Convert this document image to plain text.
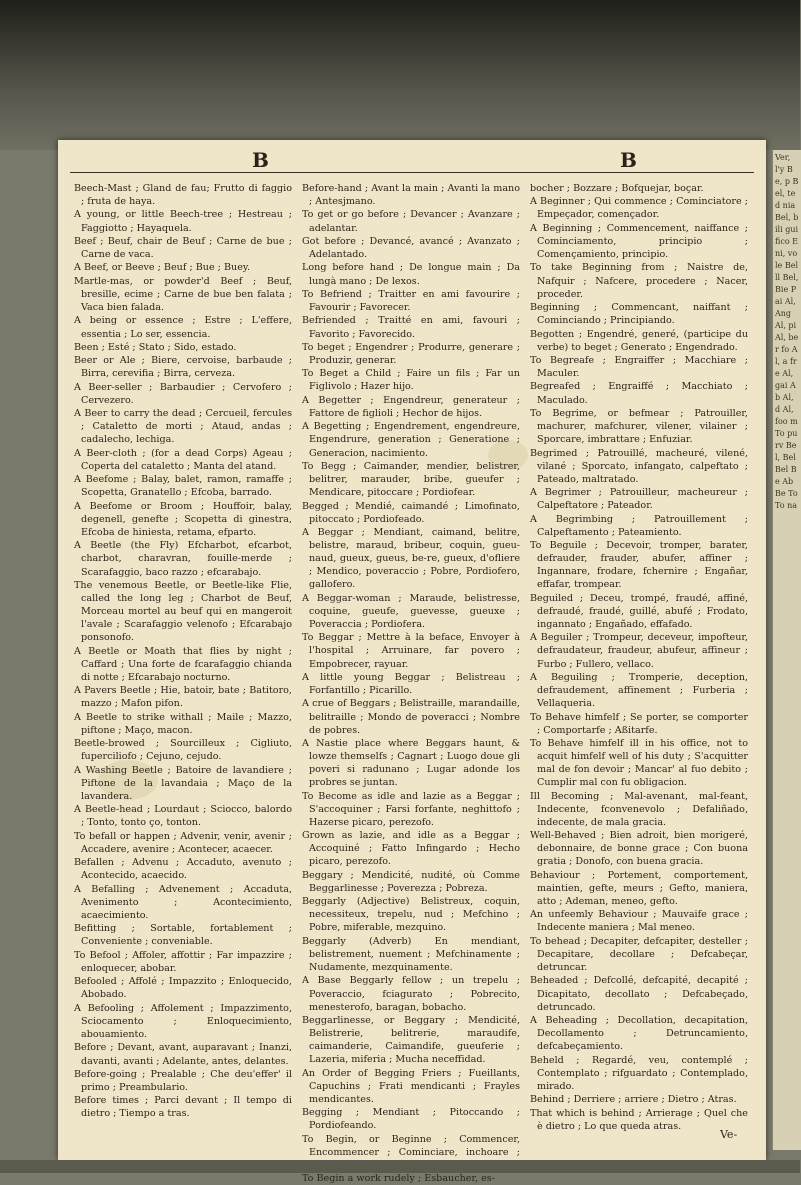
Ver, l'y Be, p Bel, ted nia Bel, bili gui fico Eni, vole Belll Bel, Bie Pai Al, Ang Al, pi Al, ber fo Al, a fre Al, gai Ab Al, d Al, foo m To pu rv Bel, Bel Bel Be Ab Be To To na
B	B
Beech-Mast ; Gland de fau; Frutto di faggio ; fruta de haya.
A young, or little Beech-tree ; Hestreau ; Faggiotto ; Hayaquela.
Beef ; Beuf, chair de Beuf ; Carne de bue ; Carne de vaca.
A Beef, or Beeve ; Beuf ; Bue ; Buey.
Martle-mas, or powder'd Beef ; Beuf, bresille, ecime ; Carne de bue ben falata ; Vaca bien falada.
A being or essence ; Estre ; L'effere, essentia ; Lo ser, essencia.
Been ; Esté ; Stato ; Sido, estado.
Beer or Ale ; Biere, cervoise, barbaude ; Birra, cerevifia ; Birra, cerveza.
A Beer-seller ; Barbaudier ; Cervofero ; Cervezero.
A Beer to carry the dead ; Cercueil, fercules ; Cataletto de morti ; Ataud, andas ; cadalecho, lechiga.
A Beer-cloth ; (for a dead Corps) Ageau ; Coperta del cataletto ; Manta del atand.
A Beefome ; Balay, balet, ramon, ramaffe ; Scopetta, Granatello ; Efcoba, barrado.
A Beefome or Broom ; Houffoir, balay, degenell, genefte ; Scopetta di ginestra, Efcoba de hiniesta, retama, efparto.
A Beetle (the Fly) Efcharbot, efcarbot, charbot, charavran, fouille-merde ; Scarafaggio, baco razzo ; efcarabajo.
The venemous Beetle, or Beetle-like Flie, called the long leg ; Charbot de Beuf, Morceau mortel au beuf qui en mangeroit l'avale ; Scarafaggio velenofo ; Efcarabajo ponsonofo.
A Beetle or Moath that flies by night ; Caffard ; Una forte de fcarafaggio chianda di notte ; Efcarabajo nocturno.
A Pavers Beetle ; Hie, batoir, bate ; Batitoro, mazzo ; Mafon pifon.
A Beetle to strike withall ; Maile ; Mazzo, piftone ; Maço, macon.
Beetle-browed ; Sourcilleux ; Cigliuto, fuperciliofo ; Cejuno, cejudo.
A Washing Beetle ; Batoire de lavandiere ; Piftone de la lavandaia ; Maço de la lavandera.
A Beetle-head ; Lourdaut ; Sciocco, balordo ; Tonto, tonto ço, tonton.
To befall or happen ; Advenir, venir, avenir ; Accadere, avenire ; Acontecer, acaecer.
Befallen ; Advenu ; Accaduto, avenuto ; Acontecido, acaecido.
A Befalling ; Advenement ; Accaduta, Avenimento ; Acontecimiento, acaecimiento.
Befitting ; Sortable, fortablement ; Conveniente ; conveniable.
To Befool ; Affoler, affottir ; Far impazzire ; enloquecer, abobar.
Befooled ; Affolé ; Impazzito ; Enloquecido, Abobado.
A Befooling ; Affolement ; Impazzimento, Sciocamento ; Enloquecimiento, abouamiento.
Before ; Devant, avant, auparavant ; Inanzi, davanti, avanti ; Adelante, antes, delantes.
Before-going ; Prealable ; Che deu'effer' il primo ; Preambulario.
Before times ; Parci devant ; Il tempo di dietro ; Tiempo a tras.
Before-hand ; Avant la main ; Avanti la mano ; Antesjmano.
To get or go before ; Devancer ; Avanzare ; adelantar.
Got before ; Devancé, avancé ; Avanzato ; Adelantado.
Long before hand ; De longue main ; Da lungà mano ; De lexos.
To Befriend ; Traitter en ami favourire ; Favourir ; Favorecer.
Befriended ; Traitté en ami, favouri ; Favorito ; Favorecido.
To beget ; Engendrer ; Produrre, generare ; Produzir, generar.
To Beget a Child ; Faire un fils ; Far un Figlivolo ; Hazer hijo.
A Begetter ; Engendreur, generateur ; Fattore de figlioli ; Hechor de hijos.
A Begetting ; Engendrement, engendreure, Engendrure, generation ; Generatione ; Generacion, nacimiento.
To Begg ; Caimander, mendier, belistrer, belitrer, marauder, bribe, gueufer ; Mendicare, pitoccare ; Pordiofear.
Begged ; Mendié, caimandé ; Limofinato, pitoccato ; Pordiofeado.
A Beggar ; Mendiant, caimand, belitre, belistre, maraud, bribeur, coquin, gueu-naud, gueux, gueus, be-re, gueux, d'ofliere ; Mendico, poveraccio ; Pobre, Pordiofero, gallofero.
A Beggar-woman ; Maraude, belistresse, coquine, gueufe, guevesse, gueuxe ; Poveraccia ; Pordiofera.
To Beggar ; Mettre à la beface, Envoyer à l'hospital ; Arruinare, far povero ; Empobrecer, rayuar.
A little young Beggar ; Belistreau ; Forfantillo ; Picarillo.
A crue of Beggars ; Belistraille, marandaille, belitraille ; Mondo de poveracci ; Nombre de pobres.
A Nastie place where Beggars haunt, & lowze themselfs ; Cagnart ; Luogo doue gli poveri si radunano ; Lugar adonde los probres se juntan.
To Become as idle and lazie as a Beggar ; S'accoquiner ; Farsi forfante, neghittofo ; Hazerse picaro, perezofo.
Grown as lazie, and idle as a Beggar ; Accoquiné ; Fatto Infingardo ; Hecho picaro, perezofo.
Beggary ; Mendicité, nudité, où Comme Beggarlinesse ; Poverezza ; Pobreza.
Beggarly (Adjective) Belistreux, coquin, necessiteux, trepelu, nud ; Mefchino ; Pobre, miferable, mezquino.
Beggarly (Adverb) En mendiant, belistrement, nuement ; Mefchinamente ; Nudamente, mezquinamente.
A Base Beggarly fellow ; un trepelu ; Poveraccio, fciagurato ; Pobrecito, menesterofo, baragan, bobacho.
Beggarlinesse, or Beggary ; Mendicité, Belistrerie, belitrerie, maraudife, caimanderie, Caimandife, gueuferie ; Lazeria, miferia ; Mucha neceffidad.
An Order of Begging Friers ; Fueillants, Capuchins ; Frati mendicanti ; Frayles mendicantes.
Begging ; Mendiant ; Pitoccando ; Pordiofeando.
To Begin, or Beginne ; Commencer, Encommencer ; Cominciare, inchoare ;
To Begin a work rudely ; Esbaucher, es-
bocher ; Bozzare ; Bofquejar, boçar.
A Beginner ; Qui commence ; Cominciatore ; Empeçador, començador.
A Beginning ; Commencement, naiffance ; Cominciamento, principio ; Començamiento, principio.
To take Beginning from ; Naistre de, Nafquir ; Nafcere, procedere ; Nacer, proceder.
Beginning ; Commencant, naiffant ; Cominciando ; Principiando.
Begotten ; Engendré, generé, (participe du verbe) to beget ; Generato ; Engendrado.
To Begreafe ; Engraiffer ; Macchiare ; Maculer.
Begreafed ; Engraiffé ; Macchiato ; Maculado.
To Begrime, or befmear ; Patrouiller, machurer, mafchurer, vilener, vilainer ; Sporcare, imbrattare ; Enfuziar.
Begrimed ; Patrouillé, macheuré, vilené, vilané ; Sporcato, infangato, calpeftato ; Pateado, maltratado.
A Begrimer ; Patrouilleur, macheureur ; Calpeftatore ; Pateador.
A Begrimbing ; Patrouillement ; Calpeftamento ; Pateamiento.
To Beguile ; Decevoir, tromper, barater, defrauder, frauder, abufer, affiner ; Ingannare, frodare, fchernire ; Engañar, effafar, trompear.
Beguiled ; Deceu, trompé, fraudé, affiné, defraudé, fraudé, guillé, abufé ; Frodato, ingannato ; Engañado, effafado.
A Beguiler ; Trompeur, deceveur, impofteur, defraudateur, fraudeur, abufeur, affineur ; Furbo ; Fullero, vellaco.
A Beguiling ; Tromperie, deception, defraudement, affinement ; Furberia ; Vellaqueria.
To Behave himfelf ; Se porter, se comporter ; Comportarfe ; Aßitarfe.
To Behave himfelf ill in his office, not to acquit himfelf well of his duty ; S'acquitter mal de fon devoir ; Mancar' al fuo debito ; Cumplir mal con fu obligacion.
Ill Becoming ; Mal-avenant, mal-feant, Indecente, fconvenevolo ; Defaliñado, indecente, de mala gracia.
Well-Behaved ; Bien adroit, bien morigeré, debonnaire, de bonne grace ; Con buona gratia ; Donofo, con buena gracia.
Behaviour ; Portement, comportement, maintien, gefte, meurs ; Gefto, maniera, atto ; Ademan, meneo, gefto.
An unfeemly Behaviour ; Mauvaife grace ; Indecente maniera ; Mal meneo.
To behead ; Decapiter, defcapiter, desteller ; Decapitare, decollare ; Defcabeçar, detruncar.
Beheaded ; Defcollé, defcapité, decapité ; Dicapitato, decollato ; Defcabeçado, detruncado.
A Beheading ; Decollation, decapitation, Decollamento ; Detruncamiento, defcabeçamiento.
Beheld ; Regardé, veu, contemplé ; Contemplato ; rifguardato ; Contemplado, mirado.
Behind ; Derriere ; arriere ; Dietro ; Atras.
That which is behind ; Arrierage ; Quel che è dietro ; Lo que queda atras.
Ve-
